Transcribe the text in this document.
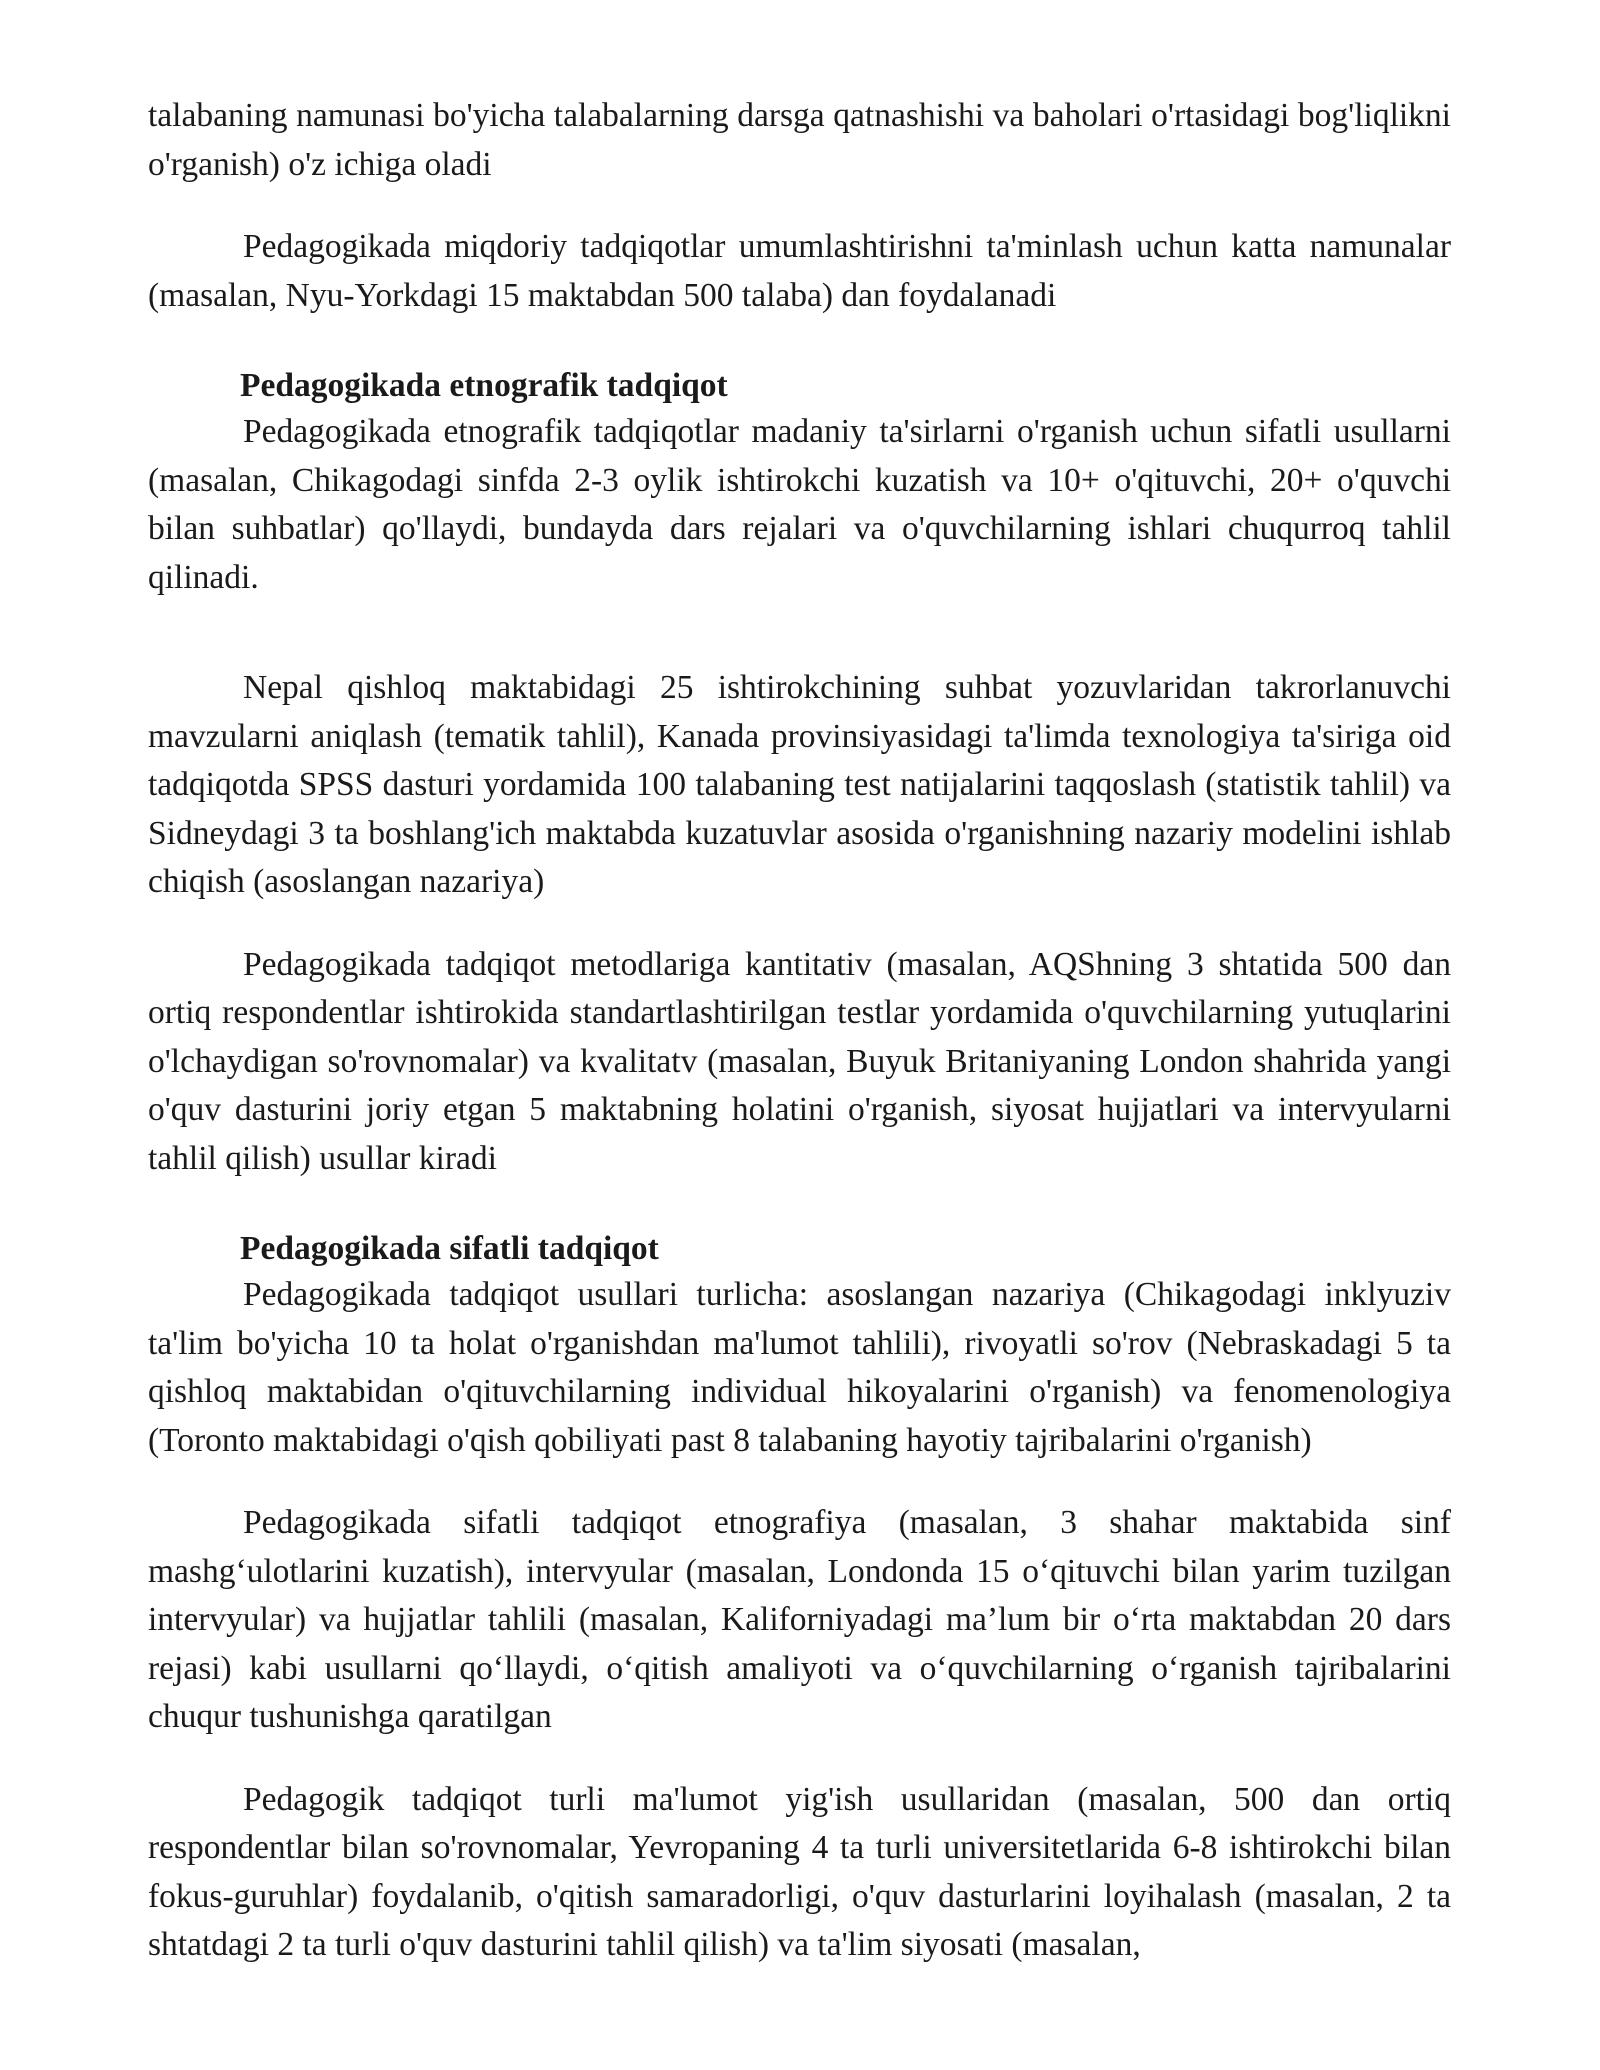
talabaning namunasi bo'yicha talabalarning darsga qatnashishi va baholari o'rtasidagi bog'liqlikni o'rganish) o'z ichiga oladi

Pedagogikada miqdoriy tadqiqotlar umumlashtirishni ta'minlash uchun katta namunalar (masalan, Nyu-Yorkdagi 15 maktabdan 500 talaba) dan foydalanadi

Pedagogikada etnografik tadqiqot

Pedagogikada etnografik tadqiqotlar madaniy ta'sirlarni o'rganish uchun sifatli usullarni (masalan, Chikagodagi sinfda 2-3 oylik ishtirokchi kuzatish va 10+ o'qituvchi, 20+ o'quvchi bilan suhbatlar) qo'llaydi, bundayda dars rejalari va o'quvchilarning ishlari chuqurroq tahlil qilinadi.

Nepal qishloq maktabidagi 25 ishtirokchining suhbat yozuvlaridan takrorlanuvchi mavzularni aniqlash (tematik tahlil), Kanada provinsiyasidagi ta'limda texnologiya ta'siriga oid tadqiqotda SPSS dasturi yordamida 100 talabaning test natijalarini taqqoslash (statistik tahlil) va Sidneydagi 3 ta boshlang'ich maktabda kuzatuvlar asosida o'rganishning nazariy modelini ishlab chiqish (asoslangan nazariya)

Pedagogikada tadqiqot metodlariga kantitativ (masalan, AQShning 3 shtatida 500 dan ortiq respondentlar ishtirokida standartlashtirilgan testlar yordamida o'quvchilarning yutuqlarini o'lchaydigan so'rovnomalar) va kvalitatv (masalan, Buyuk Britaniyaning London shahrida yangi o'quv dasturini joriy etgan 5 maktabning holatini o'rganish, siyosat hujjatlari va intervyularni tahlil qilish) usullar kiradi

Pedagogikada sifatli tadqiqot

Pedagogikada tadqiqot usullari turlicha: asoslangan nazariya (Chikagodagi inklyuziv ta'lim bo'yicha 10 ta holat o'rganishdan ma'lumot tahlili), rivoyatli so'rov (Nebraskadagi 5 ta qishloq maktabidan o'qituvchilarning individual hikoyalarini o'rganish) va fenomenologiya (Toronto maktabidagi o'qish qobiliyati past 8 talabaning hayotiy tajribalarini o'rganish)

Pedagogikada sifatli tadqiqot etnografiya (masalan, 3 shahar maktabida sinf mashg‘ulotlarini kuzatish), intervyular (masalan, Londonda 15 o‘qituvchi bilan yarim tuzilgan intervyular) va hujjatlar tahlili (masalan, Kaliforniyadagi ma’lum bir o‘rta maktabdan 20 dars rejasi) kabi usullarni qo‘llaydi, o‘qitish amaliyoti va o‘quvchilarning o‘rganish tajribalarini chuqur tushunishga qaratilgan

Pedagogik tadqiqot turli ma'lumot yig'ish usullaridan (masalan, 500 dan ortiq respondentlar bilan so'rovnomalar, Yevropaning 4 ta turli universitetlarida 6-8 ishtirokchi bilan fokus-guruhlar) foydalanib, o'qitish samaradorligi, o'quv dasturlarini loyihalash (masalan, 2 ta shtatdagi 2 ta turli o'quv dasturini tahlil qilish) va ta'lim siyosati (masalan,
